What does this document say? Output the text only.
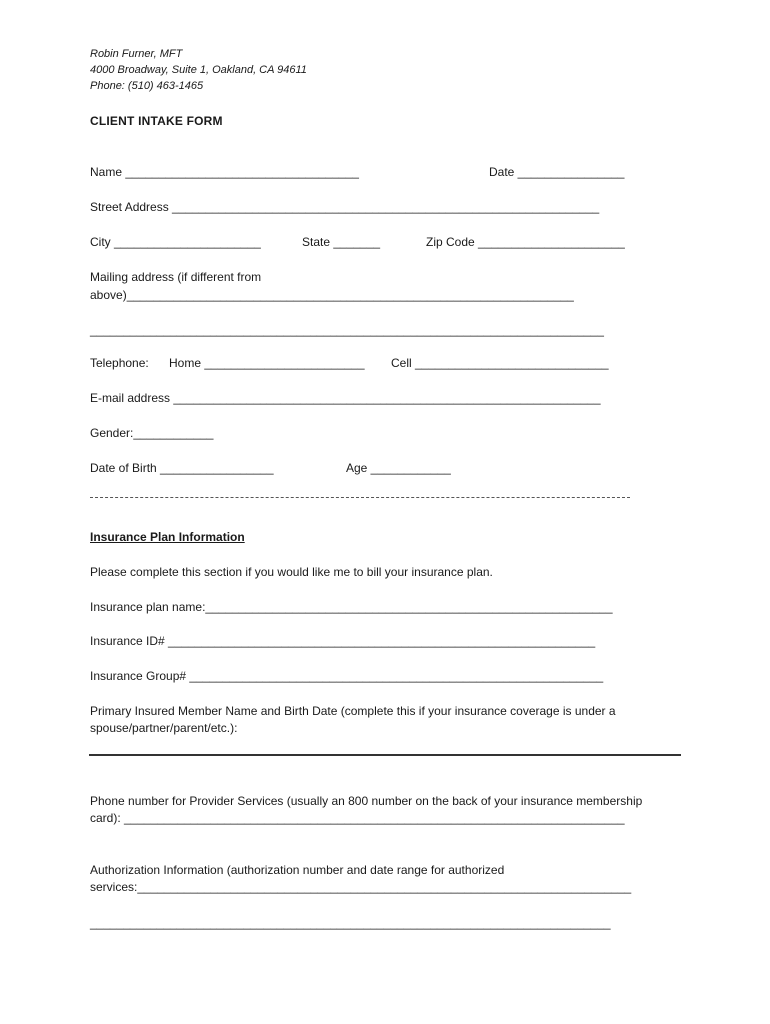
Robin Furner, MFT
4000 Broadway, Suite 1, Oakland, CA 94611
Phone: (510) 463-1465
CLIENT INTAKE FORM
Name ___________________________________	Date ________________
Street Address ________________________________________________________________
City ______________________	State _______	Zip Code ______________________
Mailing address (if different from
above)___________________________________________________________________
_____________________________________________________________________________
Telephone: Home ________________________ Cell _____________________________
E-mail address ________________________________________________________________
Gender:____________
Date of Birth _________________	Age ____________
Insurance Plan Information
Please complete this section if you would like me to bill your insurance plan.
Insurance plan name:_____________________________________________________________
Insurance ID# ________________________________________________________________
Insurance Group# ______________________________________________________________
Primary Insured Member Name and Birth Date (complete this if your insurance coverage is under a
spouse/partner/parent/etc.):
Phone number for Provider Services (usually an 800 number on the back of your insurance membership
card): ___________________________________________________________________________
Authorization Information (authorization number and date range for authorized
services:__________________________________________________________________________
______________________________________________________________________________
